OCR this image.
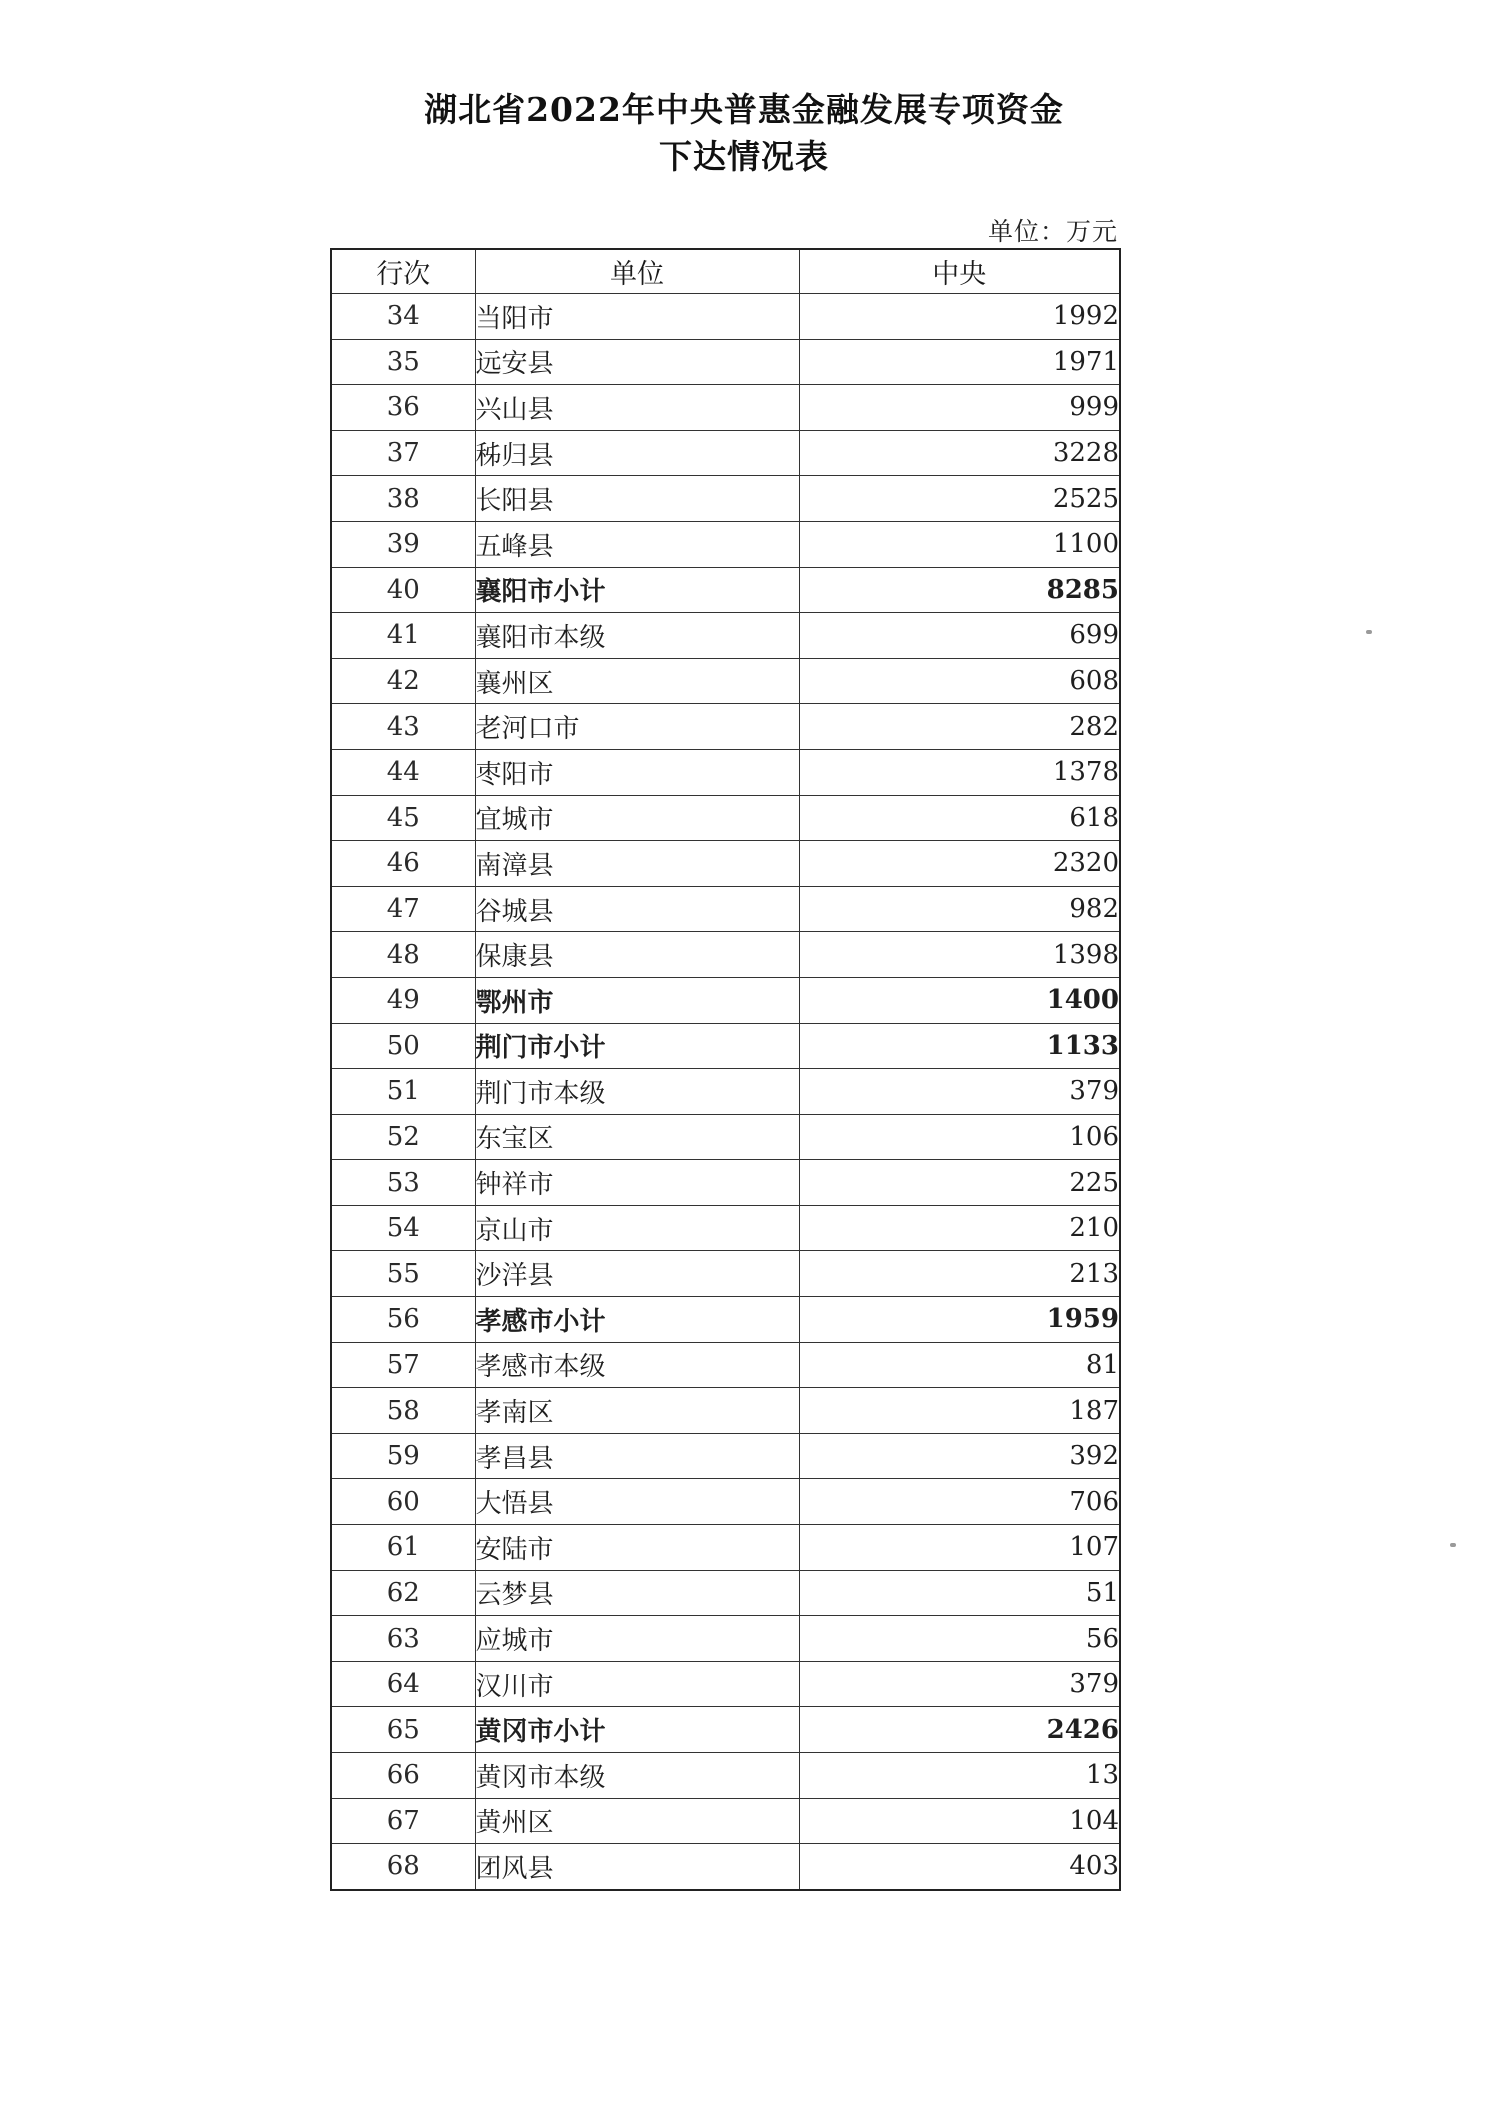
湖北省2022年中央普惠金融发展专项资金
下达情况表
单位：万元
行次	单位	中央
34	当阳市	1992
35	远安县	1971
36	兴山县	999
37	秭归县	3228
38	长阳县	2525
39	五峰县	1100
40	襄阳市小计	8285
41	襄阳市本级	699
42	襄州区	608
43	老河口市	282
44	枣阳市	1378
45	宜城市	618
46	南漳县	2320
47	谷城县	982
48	保康县	1398
49	鄂州市	1400
50	荆门市小计	1133
51	荆门市本级	379
52	东宝区	106
53	钟祥市	225
54	京山市	210
55	沙洋县	213
56	孝感市小计	1959
57	孝感市本级	81
58	孝南区	187
59	孝昌县	392
60	大悟县	706
61	安陆市	107
62	云梦县	51
63	应城市	56
64	汉川市	379
65	黄冈市小计	2426
66	黄冈市本级	13
67	黄州区	104
68	团风县	403
